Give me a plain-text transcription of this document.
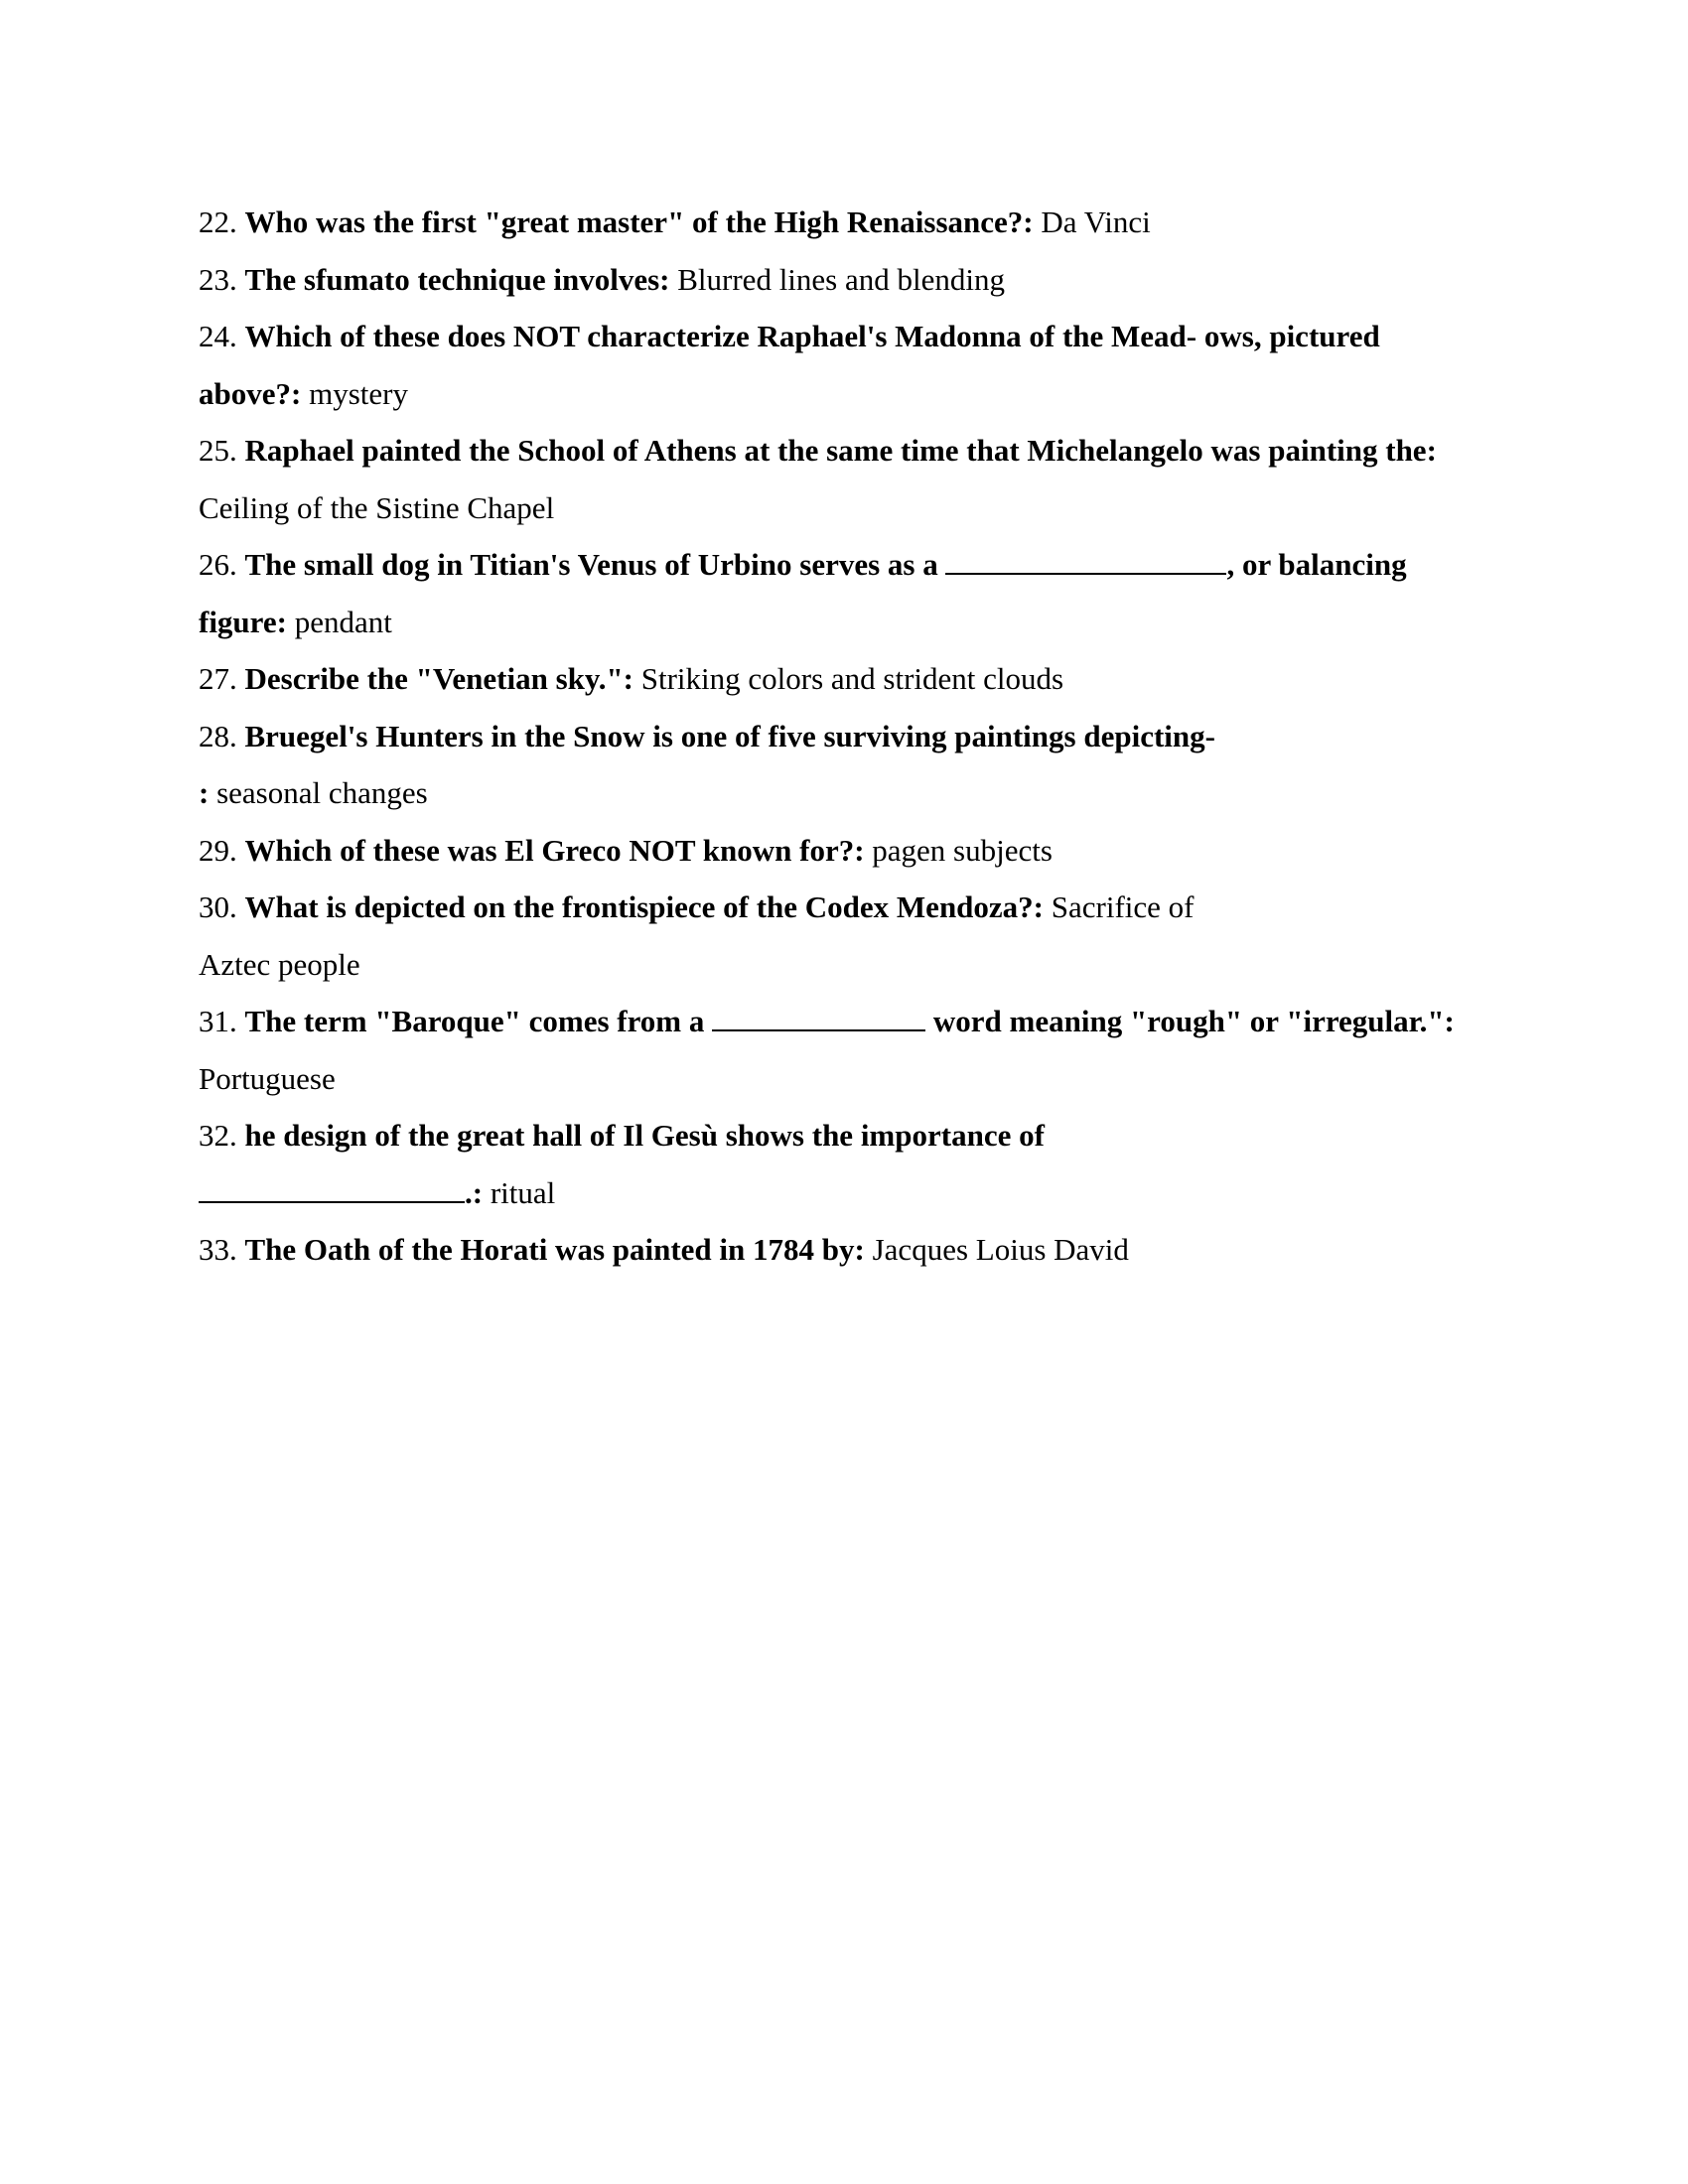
22. Who was the first "great master" of the High Renaissance?: Da Vinci

23. The sfumato technique involves: Blurred lines and blending

24. Which of these does NOT characterize Raphael's Madonna of the Mead- ows, pictured above?: mystery

25. Raphael painted the School of Athens at the same time that Michelangelo was painting the: Ceiling of the Sistine Chapel

26. The small dog in Titian's Venus of Urbino serves as a	, or balancing figure: pendant

27. Describe the "Venetian sky.": Striking colors and strident clouds

28. Bruegel's Hunters in the Snow is one of five surviving paintings depicting-
: seasonal changes

29. Which of these was El Greco NOT known for?: pagen subjects

30. What is depicted on the frontispiece of the Codex Mendoza?: Sacrifice of
Aztec people

31. The term "Baroque" comes from a	word meaning "rough" or "irregular.": Portuguese

32. he design of the great hall of Il Gesù shows the importance of
.: ritual

33. The Oath of the Horati was painted in 1784 by: Jacques Loius David
